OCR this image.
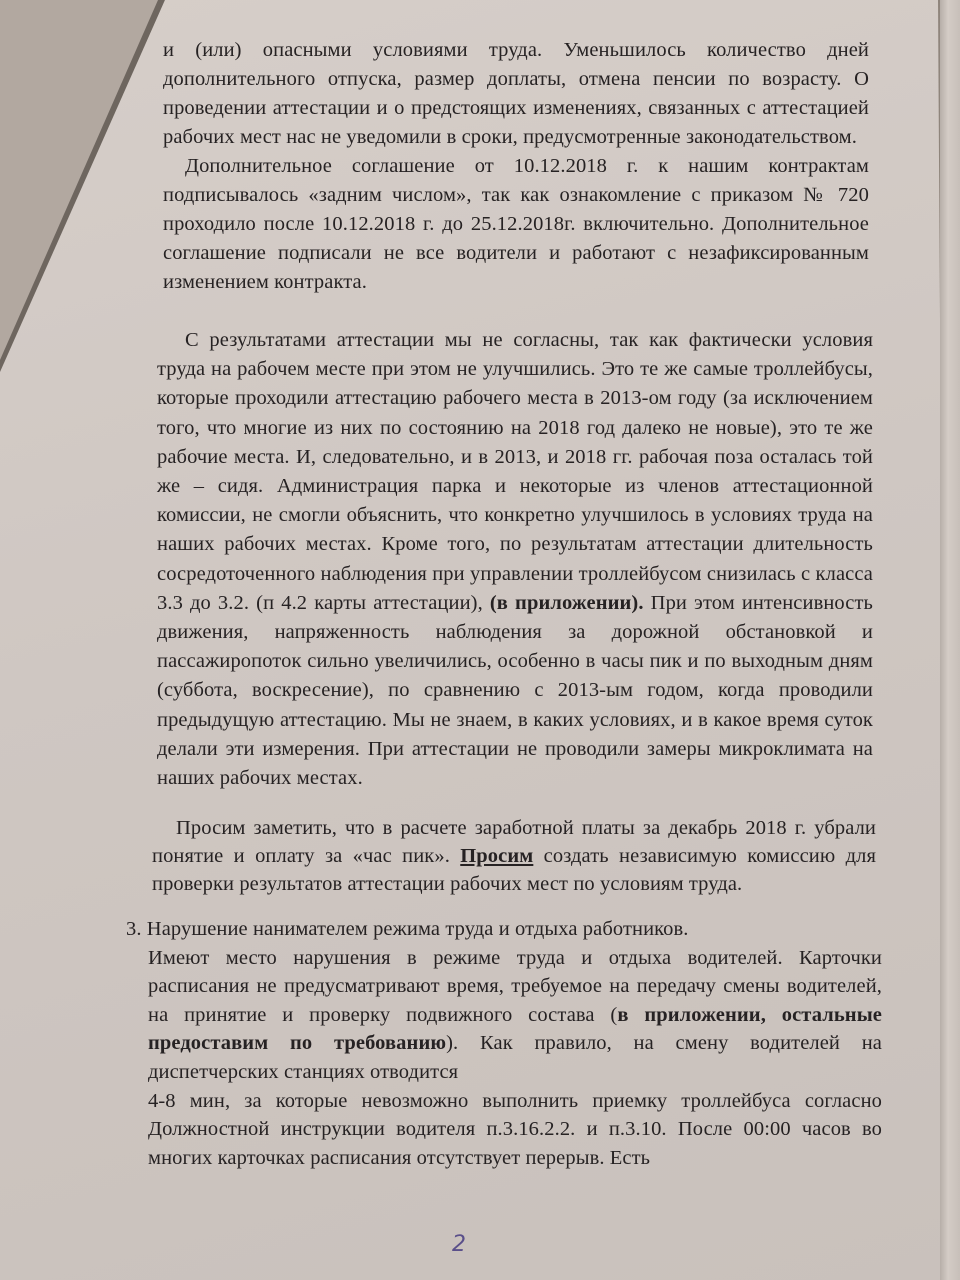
и (или) опасными условиями труда. Уменьшилось количество дней дополнительного отпуска, размер доплаты, отмена пенсии по возрасту. О проведении аттестации и о предстоящих изменениях, связанных с аттестацией рабочих мест нас не уведомили в сроки, предусмотренные законодательством.

Дополнительное соглашение от 10.12.2018 г. к нашим контрактам подписывалось «задним числом», так как ознакомление с приказом № 720 проходило после 10.12.2018 г. до 25.12.2018г. включительно. Дополнительное соглашение подписали не все водители и работают с незафиксированным изменением контракта.

С результатами аттестации мы не согласны, так как фактически условия труда на рабочем месте при этом не улучшились. Это те же самые троллейбусы, которые проходили аттестацию рабочего места в 2013-ом году (за исключением того, что многие из них по состоянию на 2018 год далеко не новые), это те же рабочие места. И, следовательно, и в 2013, и 2018 гг. рабочая поза осталась той же – сидя. Администрация парка и некоторые из членов аттестационной комиссии, не смогли объяснить, что конкретно улучшилось в условиях труда на наших рабочих местах. Кроме того, по результатам аттестации длительность сосредоточенного наблюдения при управлении троллейбусом снизилась с класса 3.3 до 3.2. (п 4.2 карты аттестации), (в приложении). При этом интенсивность движения, напряженность наблюдения за дорожной обстановкой и пассажиропоток сильно увеличились, особенно в часы пик и по выходным дням (суббота, воскресение), по сравнению с 2013-ым годом, когда проводили предыдущую аттестацию. Мы не знаем, в каких условиях, и в какое время суток делали эти измерения. При аттестации не проводили замеры микроклимата на наших рабочих местах.

Просим заметить, что в расчете заработной платы за декабрь 2018 г. убрали понятие и оплату за «час пик». Просим создать независимую комиссию для проверки результатов аттестации рабочих мест по условиям труда.

3. Нарушение нанимателем режима труда и отдыха работников.

Имеют место нарушения в режиме труда и отдыха водителей. Карточки расписания не предусматривают время, требуемое на передачу смены водителей, на принятие и проверку подвижного состава (в приложении, остальные предоставим по требованию). Как правило, на смену водителей на диспетчерских станциях отводится

4-8 мин, за которые невозможно выполнить приемку троллейбуса согласно Должностной инструкции водителя п.3.16.2.2. и п.3.10. После 00:00 часов во многих карточках расписания отсутствует перерыв. Есть

2
